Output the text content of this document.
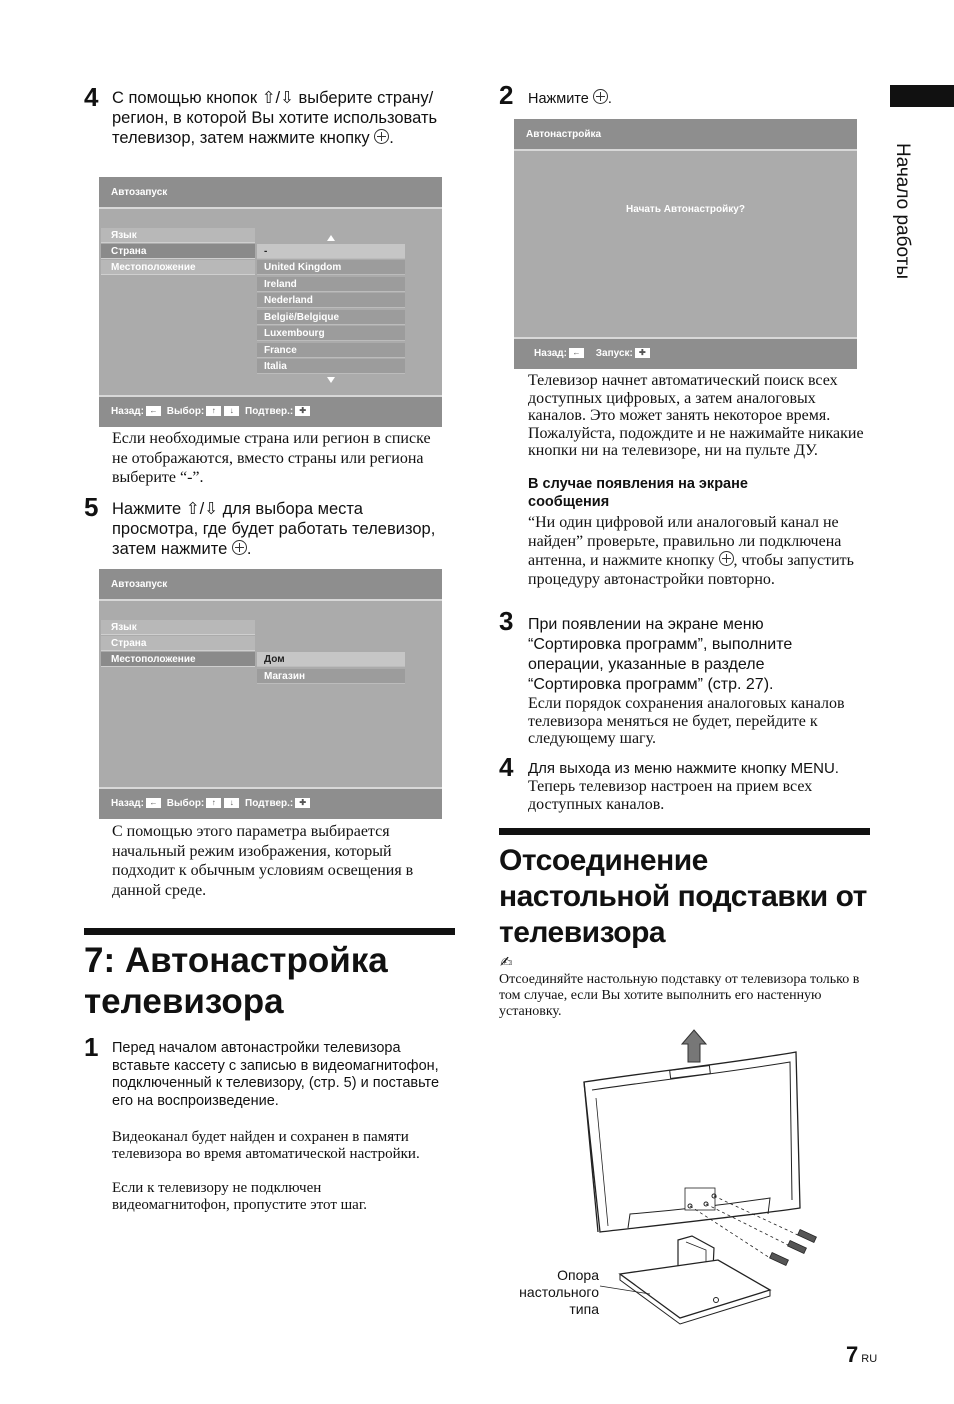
Начало работы
4 С помощью кнопок ⇧/⇩ выберите страну/регион, в которой Вы хотите использовать телевизор, затем нажмите кнопку .
Автозапуск
Язык
Страна
Местоположение
-
United Kingdom
Ireland
Nederland
België/Belgique
Luxembourg
France
Italia
Назад: ← Выбор: ↑ ↓ Подтвер.: ✚
Если необходимые страна или регион в списке не отображаются, вместо страны или региона выберите “-”.
5 Нажмите ⇧/⇩ для выбора места просмотра, где будет работать телевизор, затем нажмите .
Автозапуск
Язык
Страна
Местоположение	Дом
Магазин
Назад: ← Выбор: ↑ ↓ Подтвер.: ✚
С помощью этого параметра выбирается начальный режим изображения, который подходит к обычным условиям освещения в данной среде.
7: Автонастройка телевизора
1 Перед началом автонастройки телевизора вставьте кассету с записью в видеомагнитофон, подключенный к телевизору, (стр. 5) и поставьте его на воспроизведение.
Видеоканал будет найден и сохранен в памяти телевизора во время автоматической настройки.
Если к телевизору не подключен видеомагнитофон, пропустите этот шаг.
2 Нажмите .
Автонастройка
Начать Автонастройку?
Назад: ← Запуск: ✚
Телевизор начнет автоматический поиск всех доступных цифровых, а затем аналоговых каналов. Это может занять некоторое время. Пожалуйста, подождите и не нажимайте никакие кнопки ни на телевизоре, ни на пульте ДУ.
В случае появления на экране сообщения
“Ни один цифровой или аналоговый канал не найден” проверьте, правильно ли подключена антенна, и нажмите кнопку , чтобы запустить процедуру автонастройки повторно.
3 При появлении на экране меню “Сортировка программ”, выполните операции, указанные в разделе “Сортировка программ” (стр. 27).
Если порядок сохранения аналоговых каналов телевизора меняться не будет, перейдите к следующему шагу.
4 Для выхода из меню нажмите кнопку MENU.
Теперь телевизор настроен на прием всех доступных каналов.
Отсоединение настольной подставки от телевизора
✍
Отсоединяйте настольную подставку от телевизора только в том случае, если Вы хотите выполнить его настенную установку.
Опора настольного типа
7 RU
